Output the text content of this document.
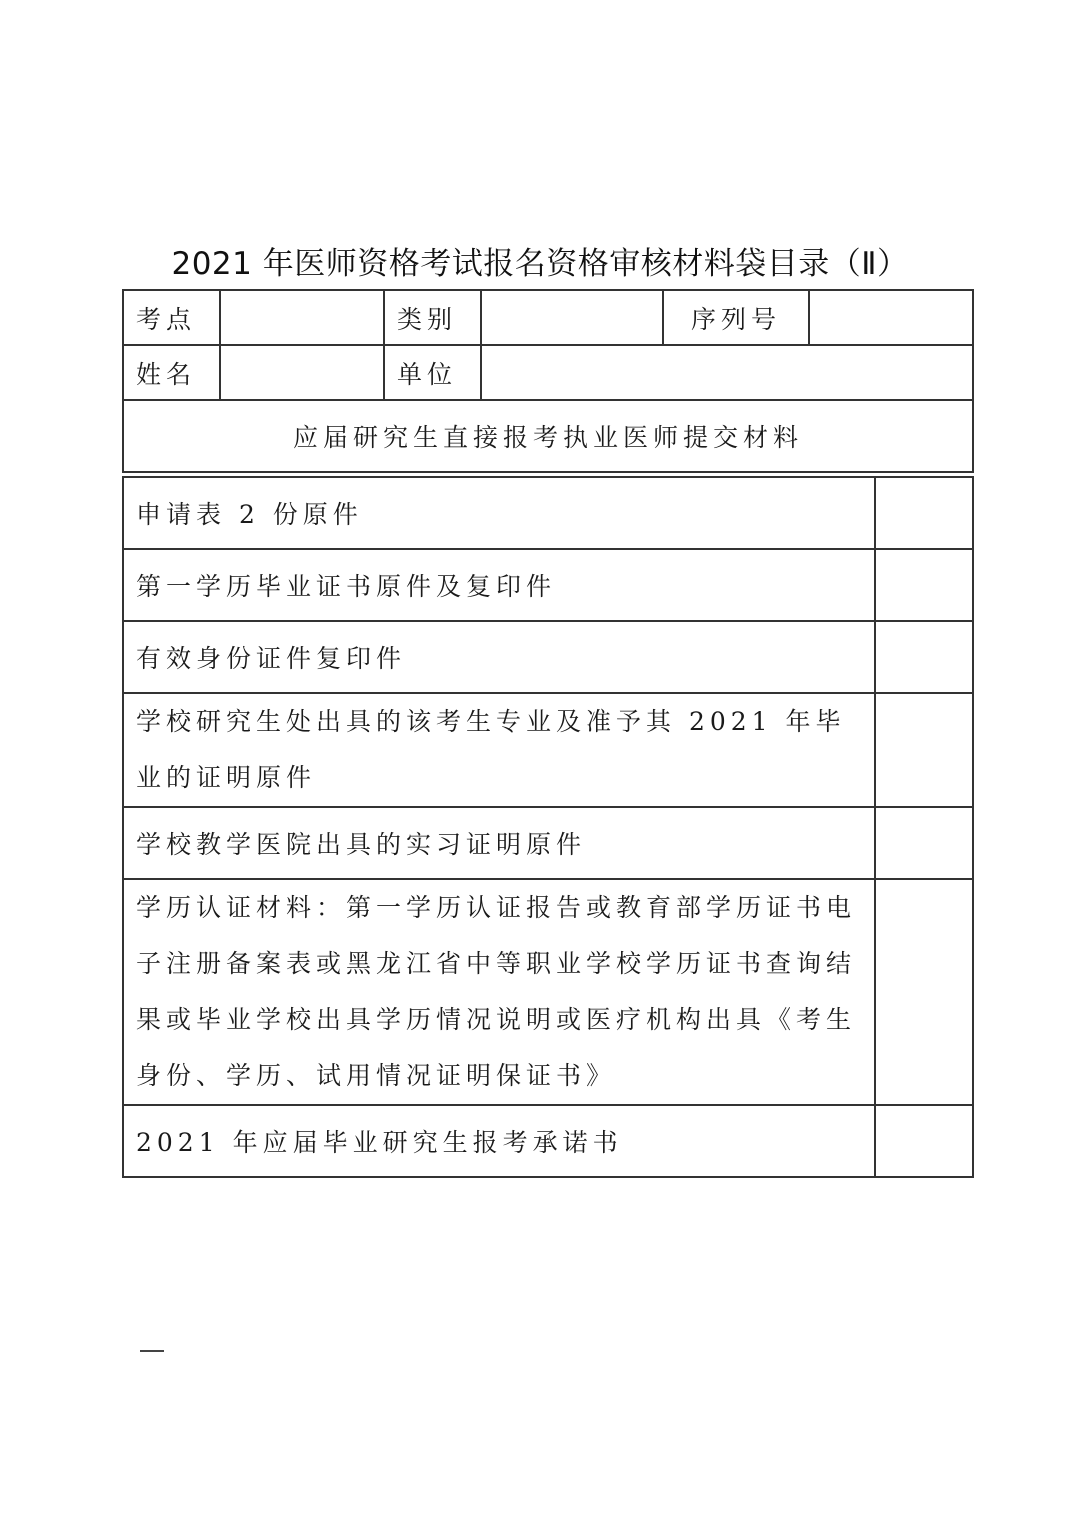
2021 年医师资格考试报名资格审核材料袋目录（Ⅱ）
考点		类别		序列号	
姓名		单位			
应届研究生直接报考执业医师提交材料					
申请表 2 份原件	
第一学历毕业证书原件及复印件	
有效身份证件复印件	
学校研究生处出具的该考生专业及准予其 2021 年毕业的证明原件	
学校教学医院出具的实习证明原件	
学历认证材料：第一学历认证报告或教育部学历证书电子注册备案表或黑龙江省中等职业学校学历证书查询结果或毕业学校出具学历情况说明或医疗机构出具《考生身份、学历、试用情况证明保证书》	
2021 年应届毕业研究生报考承诺书	
